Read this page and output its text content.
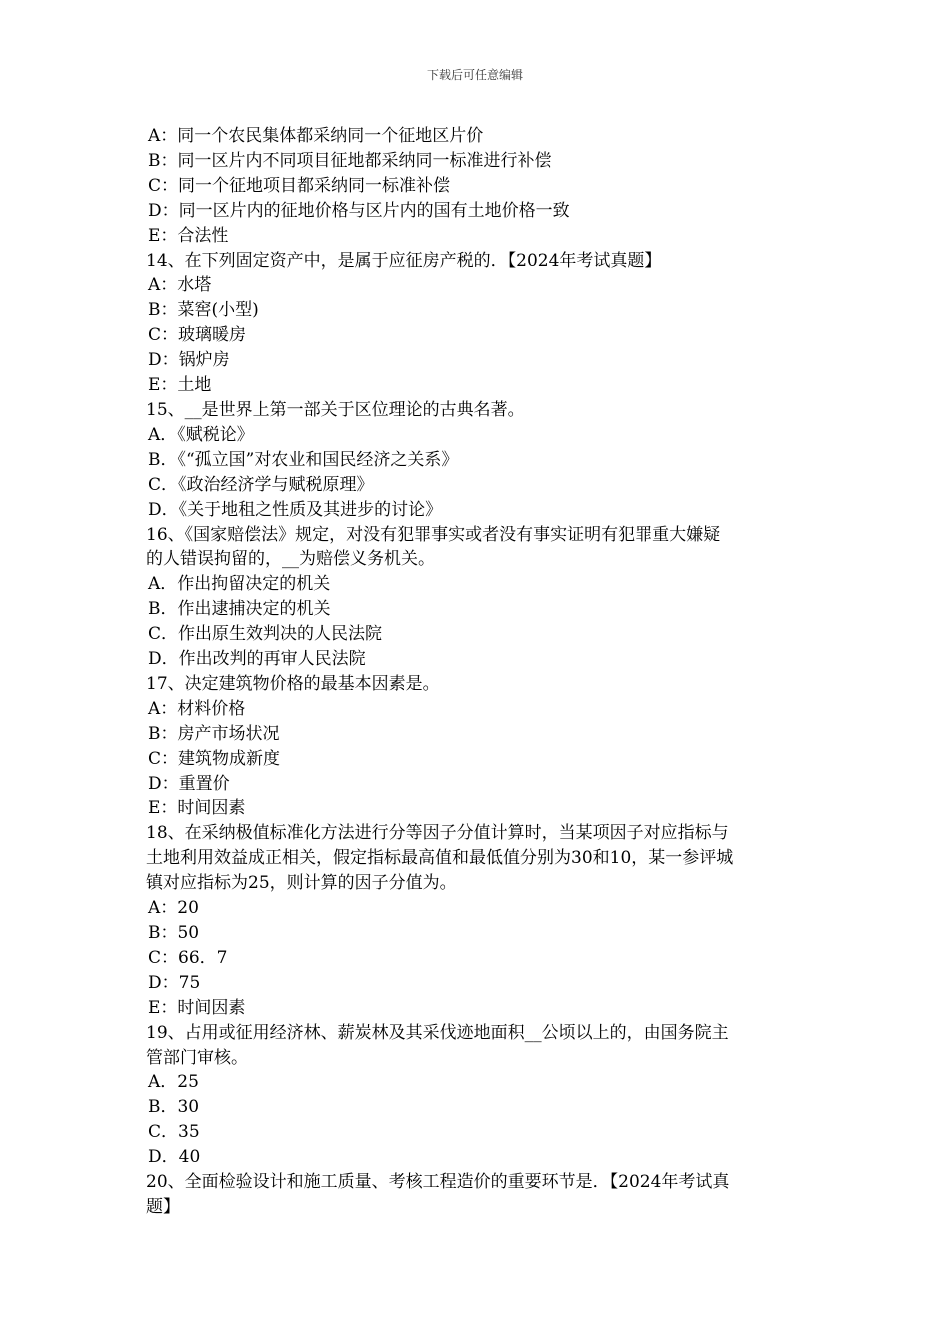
下载后可任意编辑
A：同一个农民集体都采纳同一个征地区片价
B：同一区片内不同项目征地都采纳同一标准进行补偿
C：同一个征地项目都采纳同一标准补偿
D：同一区片内的征地价格与区片内的国有土地价格一致
E：合法性
14、在下列固定资产中，是属于应征房产税的．【2024年考试真题】
A：水塔
B：菜窖(小型)
C：玻璃暖房
D：锅炉房
E：土地
15、__是世界上第一部关于区位理论的古典名著。
A．《赋税论》
B．《“孤立国”对农业和国民经济之关系》
C．《政治经济学与赋税原理》
D．《关于地租之性质及其进步的讨论》
16、《国家赔偿法》规定，对没有犯罪事实或者没有事实证明有犯罪重大嫌疑
的人错误拘留的，__为赔偿义务机关。
A．作出拘留决定的机关
B．作出逮捕决定的机关
C．作出原生效判决的人民法院
D．作出改判的再审人民法院
17、决定建筑物价格的最基本因素是。
A：材料价格
B：房产市场状况
C：建筑物成新度
D：重置价
E：时间因素
18、在采纳极值标准化方法进行分等因子分值计算时，当某项因子对应指标与
土地利用效益成正相关，假定指标最高值和最低值分别为30和10，某一参评城
镇对应指标为25，则计算的因子分值为。
A：20
B：50
C：66．7
D：75
E：时间因素
19、占用或征用经济林、薪炭林及其采伐迹地面积__公顷以上的，由国务院主
管部门审核。
A．25
B．30
C．35
D．40
20、全面检验设计和施工质量、考核工程造价的重要环节是．【2024年考试真
题】
